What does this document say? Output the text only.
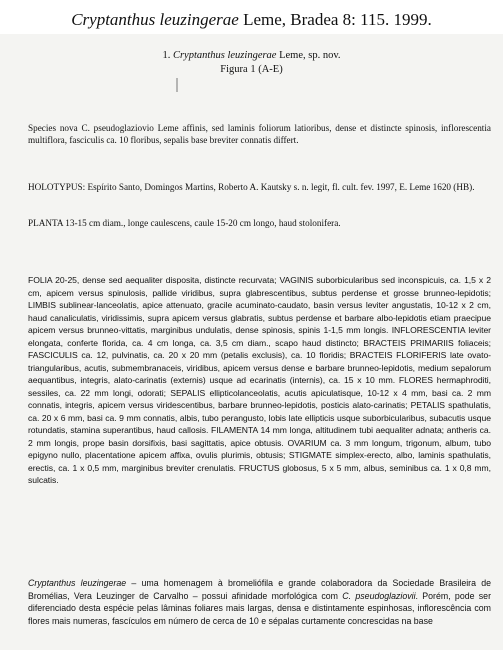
Cryptanthus leuzingerae Leme, Bradea 8: 115. 1999.
1. Cryptanthus leuzingerae Leme, sp. nov.
Figura 1 (A-E)
Species nova C. pseudoglaziovio Leme affinis, sed laminis foliorum latioribus, dense et distincte spinosis, inflorescentia multiflora, fasciculis ca. 10 floribus, sepalis base breviter connatis differt.
HOLOTYPUS: Espírito Santo, Domingos Martins, Roberto A. Kautsky s. n. legit, fl. cult. fev. 1997, E. Leme 1620 (HB).
PLANTA 13-15 cm diam., longe caulescens, caule 15-20 cm longo, haud stolonifera.
FOLIA 20-25, dense sed aequaliter disposita, distincte recurvata; VAGINIS suborbicularibus sed inconspicuis, ca. 1,5 x 2 cm, apicem versus spinulosis, pallide viridibus, supra glabrescentibus, subtus perdense et grosse brunneo-lepidotis; LIMBIS sublinear-lanceolatis, apice attenuato, gracile acuminato-caudato, basin versus leviter angustatis, 10-12 x 2 cm, haud canaliculatis, viridissimis, supra apicem versus glabratis, subtus perdense et barbare albo-lepidotis etiam praecipue apicem versus brunneo-vittatis, marginibus undulatis, dense spinosis, spinis 1-1,5 mm longis. INFLORESCENTIA leviter elongata, conferte florida, ca. 4 cm longa, ca. 3,5 cm diam., scapo haud distincto; BRACTEIS PRIMARIIS foliaceis; FASCICULIS ca. 12, pulvinatis, ca. 20 x 20 mm (petalis exclusis), ca. 10 floridis; BRACTEIS FLORIFERIS late ovato-triangularibus, acutis, submembranaceis, viridibus, apicem versus dense e barbare brunneo-lepidotis, medium sepalorum aequantibus, integris, alato-carinatis (externis) usque ad ecarinatis (internis), ca. 15 x 10 mm. FLORES hermaphroditi, sessiles, ca. 22 mm longi, odorati; SEPALIS ellipticolanceolatis, acutis apiculatisque, 10-12 x 4 mm, basi ca. 2 mm connatis, integris, apicem versus viridescentibus, barbare brunneo-lepidotis, posticis alato-carinatis; PETALIS spathulatis, ca. 20 x 6 mm, basi ca. 9 mm connatis, albis, tubo perangusto, lobis late ellipticis usque suborbicularibus, subacutis usque rotundatis, stamina superantibus, haud callosis. FILAMENTA 14 mm longa, altitudinem tubi aequaliter adnata; antheris ca. 2 mm longis, prope basin dorsifixis, basi sagittatis, apice obtusis. OVARIUM ca. 3 mm longum, trigonum, album, tubo epigyno nullo, placentatione apicem affixa, ovulis plurimis, obtusis; STIGMATE simplex-erecto, albo, laminis spathulatis, erectis, ca. 1 x 0,5 mm, marginibus breviter crenulatis. FRUCTUS globosus, 5 x 5 mm, albus, seminibus ca. 1 x 0,8 mm, sulcatis.
Cryptanthus leuzingerae – uma homenagem à bromeliófila e grande colaboradora da Sociedade Brasileira de Bromélias, Vera Leuzinger de Carvalho – possui afinidade morfológica com C. pseudoglaziovii. Porém, pode ser diferenciado desta espécie pelas lâminas foliares mais largas, densa e distintamente espinhosas, inflorescência com flores mais numeras, fascículos em número de cerca de 10 e sépalas curtamente concrescidas na base
